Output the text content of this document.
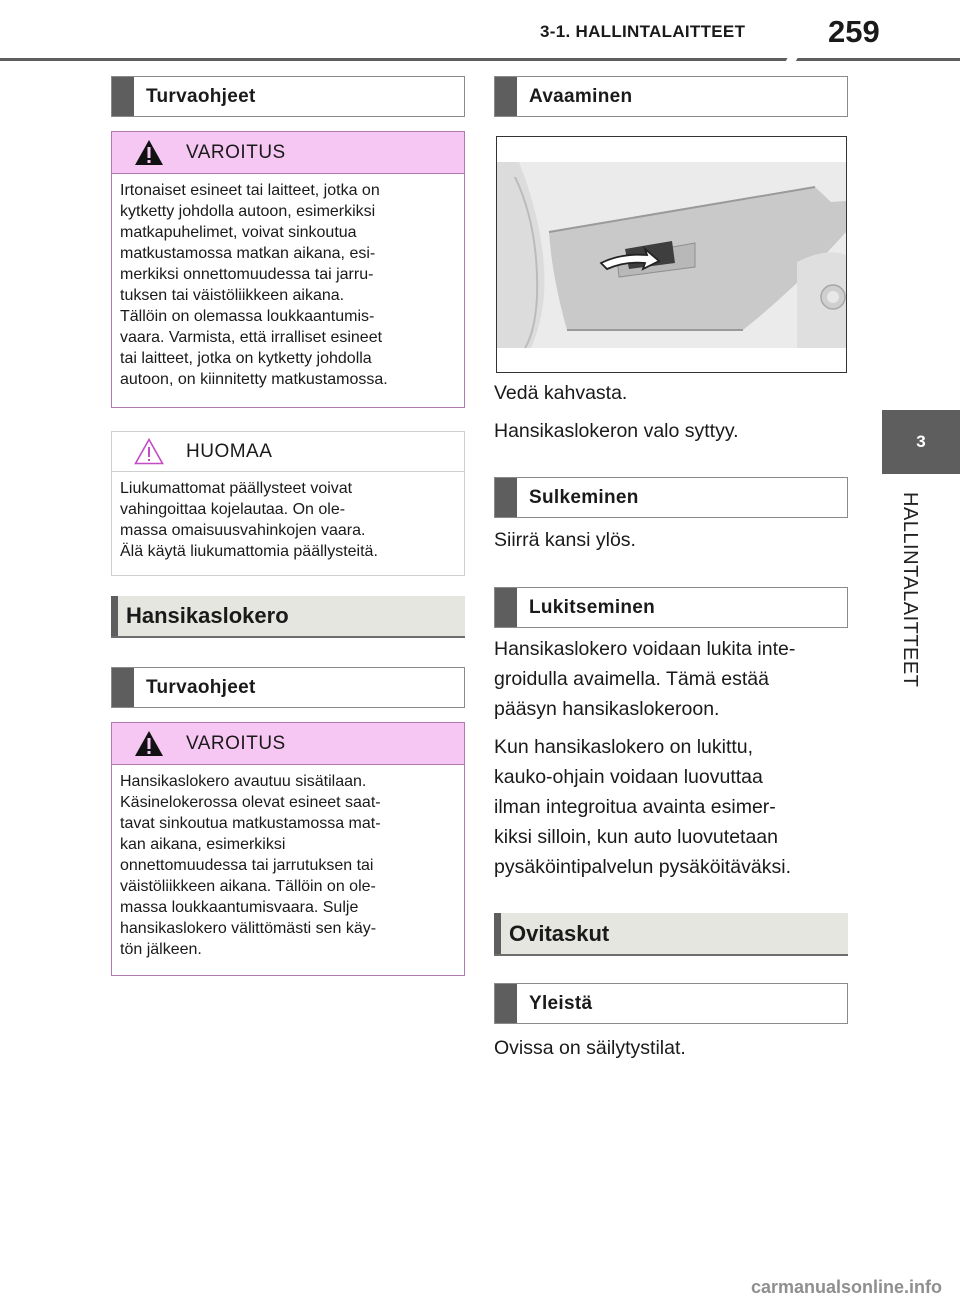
3-1. HALLINTALAITTEET	259
3
HALLINTALAITTEET
Turvaohjeet
VAROITUS
Irtonaiset esineet tai laitteet, jotka on
kytketty johdolla autoon, esimerkiksi
matkapuhelimet, voivat sinkoutua
matkustamossa matkan aikana, esi-
merkiksi onnettomuudessa tai jarru-
tuksen tai väistöliikkeen aikana.
Tällöin on olemassa loukkaantumis-
vaara. Varmista, että irralliset esineet
tai laitteet, jotka on kytketty johdolla
autoon, on kiinnitetty matkustamossa.
HUOMAA
Liukumattomat päällysteet voivat
vahingoittaa kojelautaa. On ole-
massa omaisuusvahinkojen vaara.
Älä käytä liukumattomia päällysteitä.
Hansikaslokero
Turvaohjeet
VAROITUS
Hansikaslokero avautuu sisätilaan.
Käsinelokerossa olevat esineet saat-
tavat sinkoutua matkustamossa mat-
kan aikana, esimerkiksi
onnettomuudessa tai jarrutuksen tai
väistöliikkeen aikana. Tällöin on ole-
massa loukkaantumisvaara. Sulje
hansikaslokero välittömästi sen käy-
tön jälkeen.
Avaaminen
Vedä kahvasta.
Hansikaslokeron valo syttyy.
Sulkeminen
Siirrä kansi ylös.
Lukitseminen
Hansikaslokero voidaan lukita inte-
groidulla avaimella. Tämä estää
pääsyn hansikaslokeroon.
Kun hansikaslokero on lukittu,
kauko-ohjain voidaan luovuttaa
ilman integroitua avainta esimer-
kiksi silloin, kun auto luovutetaan
pysäköintipalvelun pysäköitäväksi.
Ovitaskut
Yleistä
Ovissa on säilytystilat.
carmanualsonline.info
